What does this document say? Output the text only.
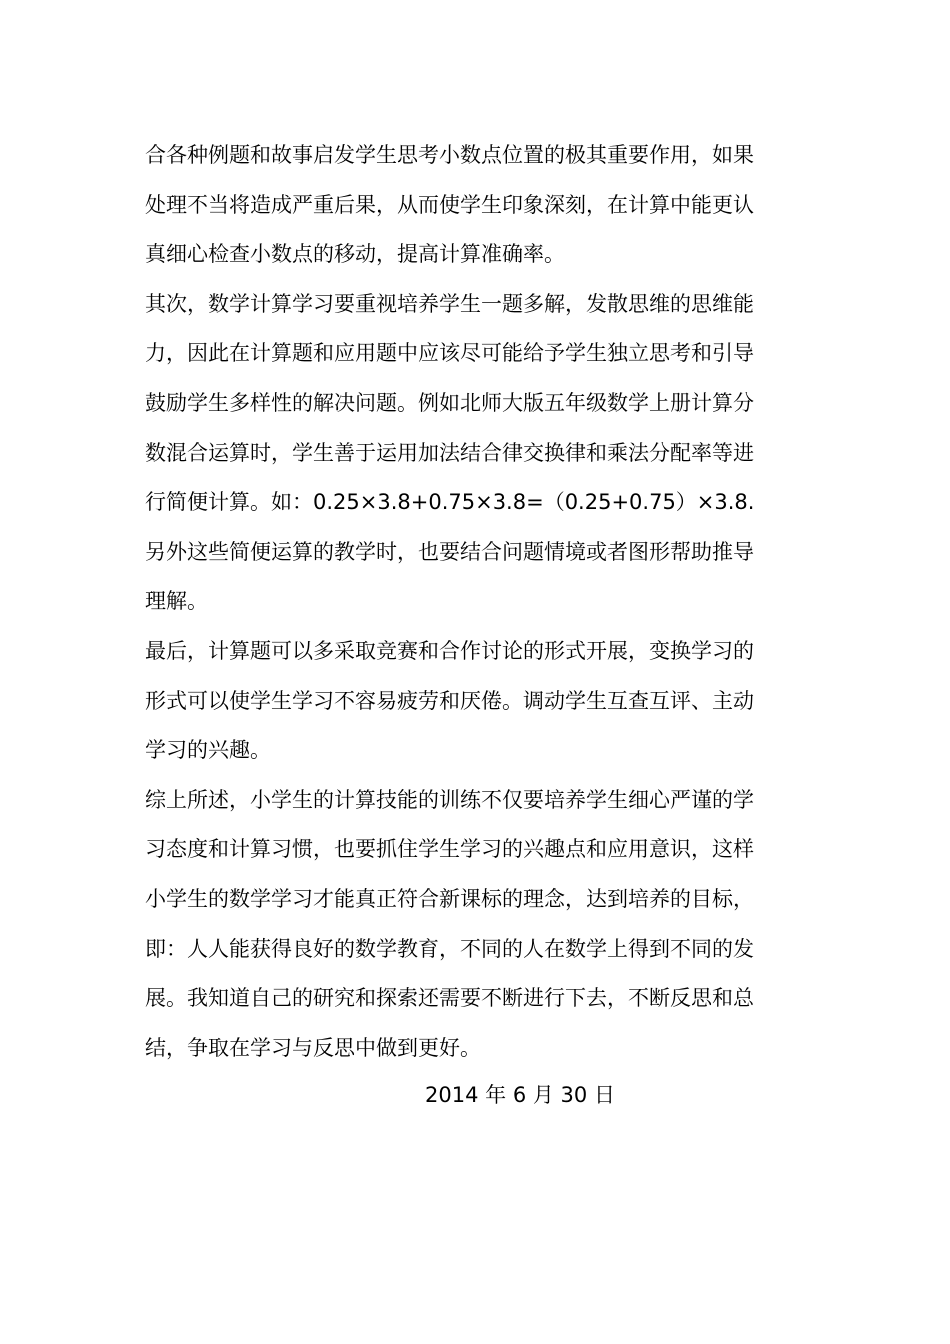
合各种例题和故事启发学生思考小数点位置的极其重要作用，如果
处理不当将造成严重后果，从而使学生印象深刻，在计算中能更认
真细心检查小数点的移动，提高计算准确率。
其次，数学计算学习要重视培养学生一题多解，发散思维的思维能
力，因此在计算题和应用题中应该尽可能给予学生独立思考和引导
鼓励学生多样性的解决问题。例如北师大版五年级数学上册计算分
数混合运算时，学生善于运用加法结合律交换律和乘法分配率等进
行简便计算。如：0.25×3.8+0.75×3.8=（0.25+0.75）×3.8.
另外这些简便运算的教学时，也要结合问题情境或者图形帮助推导
理解。
最后，计算题可以多采取竞赛和合作讨论的形式开展，变换学习的
形式可以使学生学习不容易疲劳和厌倦。调动学生互查互评、主动
学习的兴趣。
综上所述，小学生的计算技能的训练不仅要培养学生细心严谨的学
习态度和计算习惯，也要抓住学生学习的兴趣点和应用意识，这样
小学生的数学学习才能真正符合新课标的理念，达到培养的目标，
即：人人能获得良好的数学教育，不同的人在数学上得到不同的发
展。我知道自己的研究和探索还需要不断进行下去，不断反思和总
结，争取在学习与反思中做到更好。
2014 年 6 月 30 日
